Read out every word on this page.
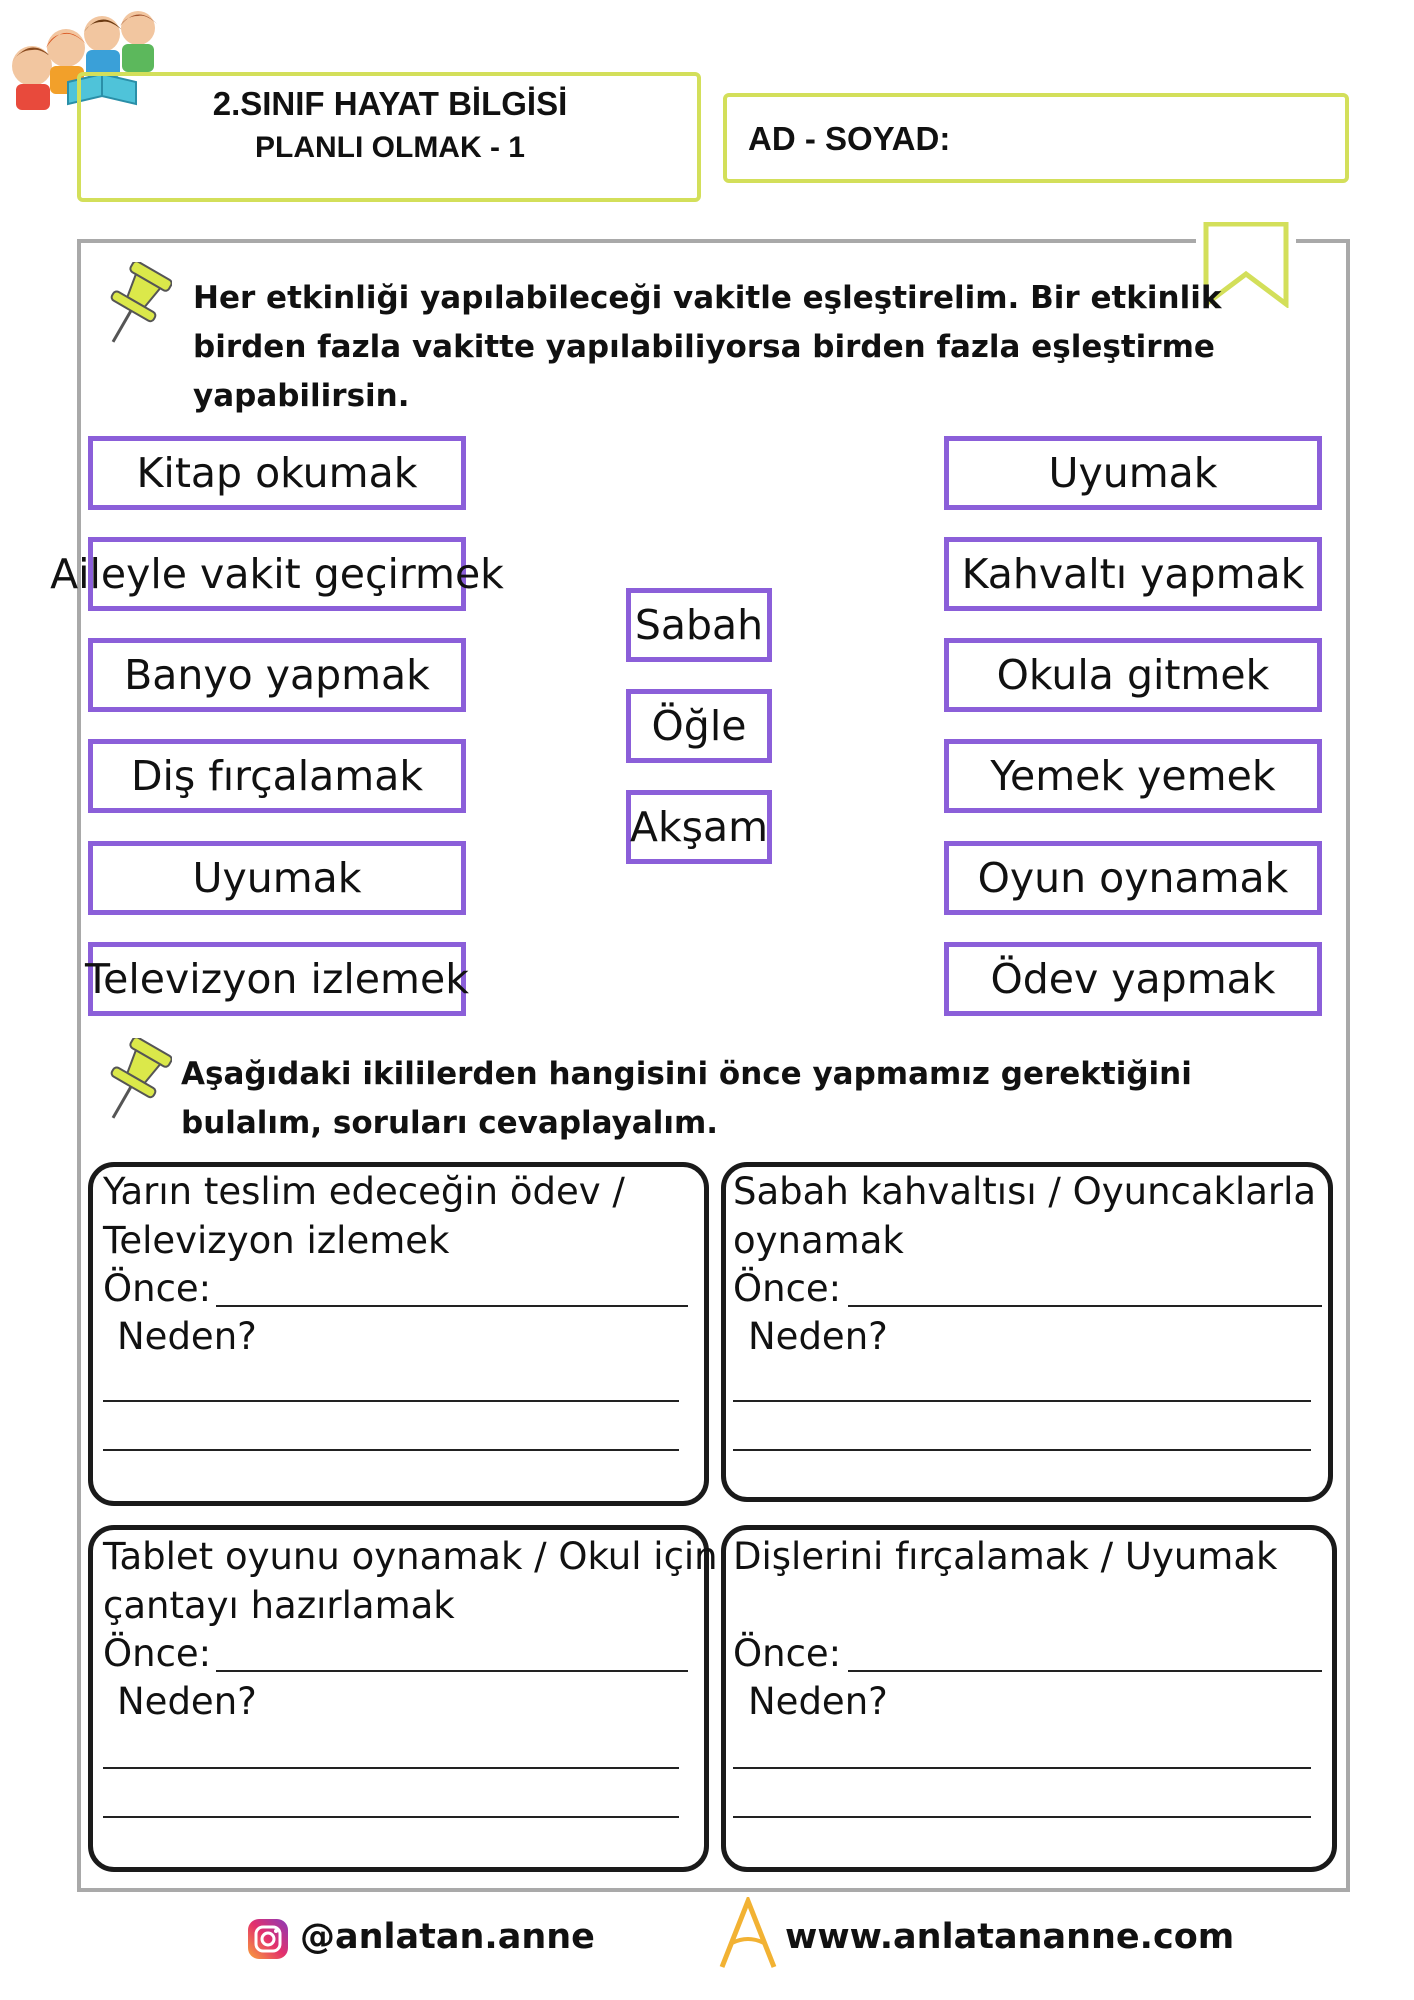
2.SINIF HAYAT BİLGİSİ
PLANLI OLMAK - 1	AD - SOYAD:
Her etkinliği yapılabileceği vakitle eşleştirelim. Bir etkinlik
birden fazla vakitte yapılabiliyorsa birden fazla eşleştirme
yapabilirsin.
Kitap okumak
Aileyle vakit geçirmek
Banyo yapmak
Diş fırçalamak
Uyumak
Televizyon izlemek
Sabah
Öğle
Akşam
Uyumak
Kahvaltı yapmak
Okula gitmek
Yemek yemek
Oyun oynamak
Ödev yapmak
Aşağıdaki ikililerden hangisini önce yapmamız gerektiğini
bulalım, soruları cevaplayalım.
Yarın teslim edeceğin ödev /
Televizyon izlemek
Önce:
Neden?
Sabah kahvaltısı / Oyuncaklarla
oynamak
Önce:
Neden?
Tablet oyunu oynamak / Okul için
çantayı hazırlamak
Önce:
Neden?
Dişlerini fırçalamak / Uyumak
Önce:
Neden?
@anlatan.anne	www.anlatananne.com
